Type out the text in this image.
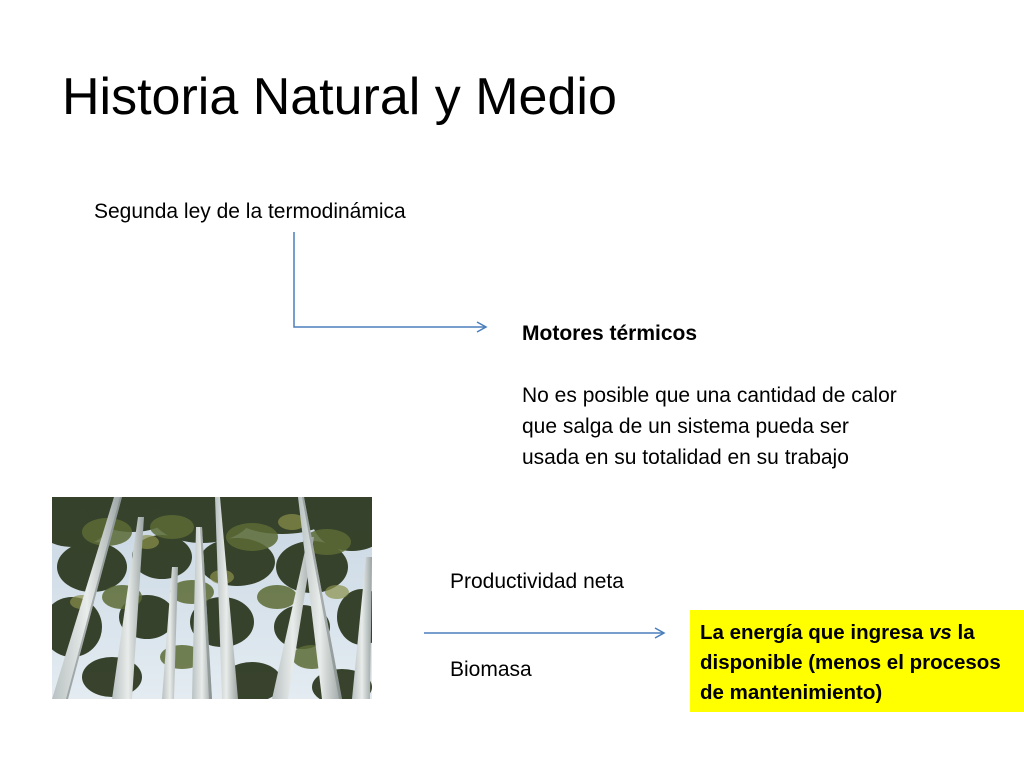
Historia Natural y Medio
Segunda ley de la termodinámica
Motores térmicos
No es posible que una cantidad de calor que salga de un sistema pueda ser usada en su totalidad en su trabajo
Productividad neta
Biomasa
La energía que ingresa vs la disponible (menos el procesos de mantenimiento)
